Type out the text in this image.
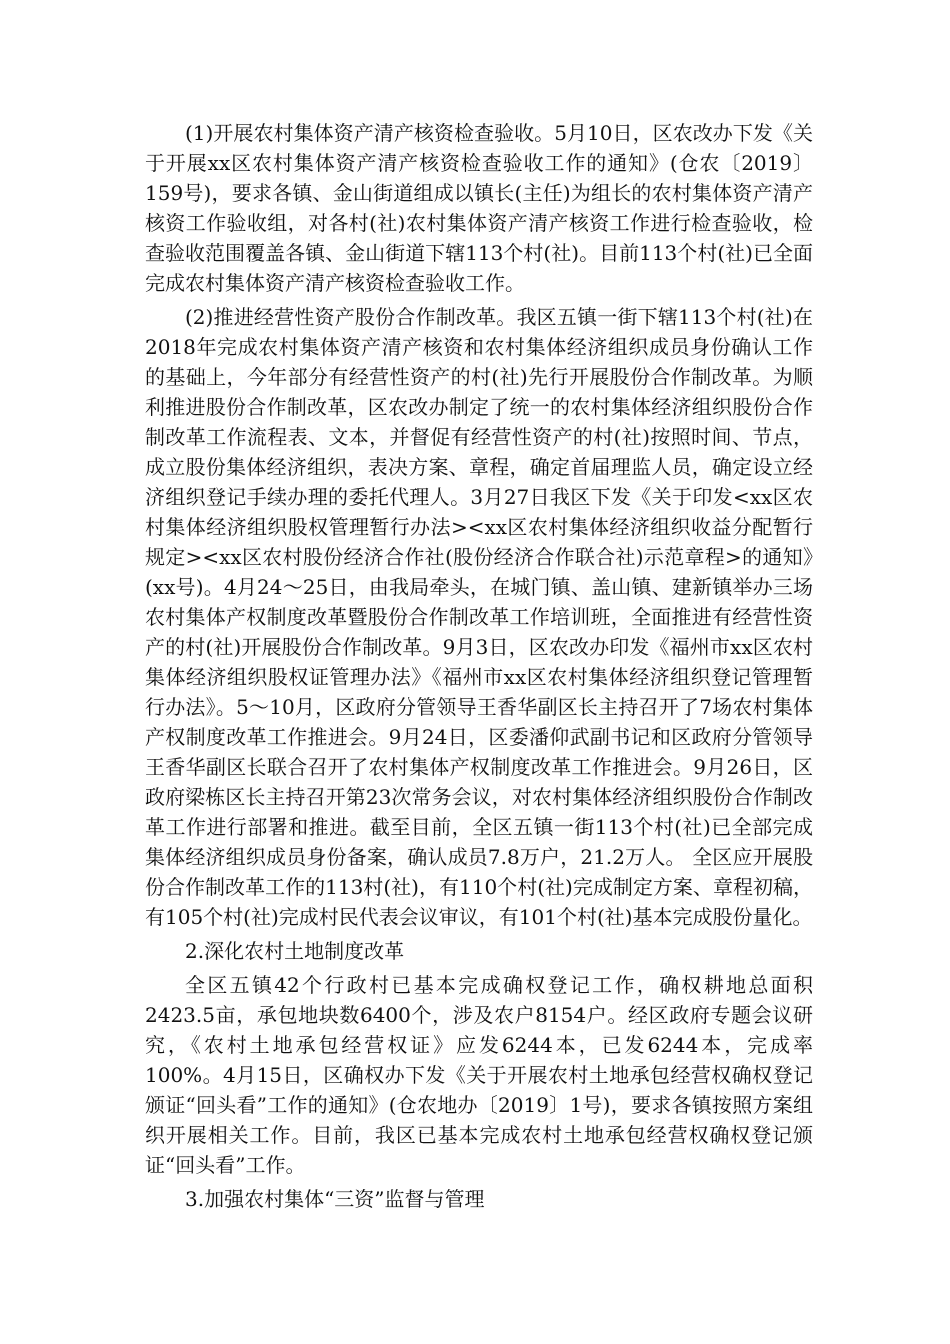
(1)开展农村集体资产清产核资检查验收。5月10日，区农改办下发《关于开展xx区农村集体资产清产核资检查验收工作的通知》(仓农〔2019〕159号)，要求各镇、金山街道组成以镇长(主任)为组长的农村集体资产清产核资工作验收组，对各村(社)农村集体资产清产核资工作进行检查验收，检查验收范围覆盖各镇、金山街道下辖113个村(社)。目前113个村(社)已全面完成农村集体资产清产核资检查验收工作。

(2)推进经营性资产股份合作制改革。我区五镇一街下辖113个村(社)在2018年完成农村集体资产清产核资和农村集体经济组织成员身份确认工作的基础上，今年部分有经营性资产的村(社)先行开展股份合作制改革。为顺利推进股份合作制改革，区农改办制定了统一的农村集体经济组织股份合作制改革工作流程表、文本，并督促有经营性资产的村(社)按照时间、节点，成立股份集体经济组织，表决方案、章程，确定首届理监人员，确定设立经济组织登记手续办理的委托代理人。3月27日我区下发《关于印发<xx区农村集体经济组织股权管理暂行办法><xx区农村集体经济组织收益分配暂行规定><xx区农村股份经济合作社(股份经济合作联合社)示范章程>的通知》(xx号)。4月24～25日，由我局牵头，在城门镇、盖山镇、建新镇举办三场农村集体产权制度改革暨股份合作制改革工作培训班，全面推进有经营性资产的村(社)开展股份合作制改革。9月3日，区农改办印发《福州市xx区农村集体经济组织股权证管理办法》《福州市xx区农村集体经济组织登记管理暂行办法》。5～10月，区政府分管领导王香华副区长主持召开了7场农村集体产权制度改革工作推进会。9月24日，区委潘仰武副书记和区政府分管领导王香华副区长联合召开了农村集体产权制度改革工作推进会。9月26日，区政府梁栋区长主持召开第23次常务会议，对农村集体经济组织股份合作制改革工作进行部署和推进。截至目前，全区五镇一街113个村(社)已全部完成集体经济组织成员身份备案，确认成员7.8万户，21.2万人。 全区应开展股份合作制改革工作的113村(社)，有110个村(社)完成制定方案、章程初稿，有105个村(社)完成村民代表会议审议，有101个村(社)基本完成股份量化。

2.深化农村土地制度改革

全区五镇42个行政村已基本完成确权登记工作，确权耕地总面积2423.5亩，承包地块数6400个，涉及农户8154户。经区政府专题会议研究，《农村土地承包经营权证》应发6244本，已发6244本，完成率100%。4月15日，区确权办下发《关于开展农村土地承包经营权确权登记颁证“回头看”工作的通知》(仓农地办〔2019〕1号)，要求各镇按照方案组织开展相关工作。目前，我区已基本完成农村土地承包经营权确权登记颁证“回头看”工作。

3.加强农村集体“三资”监督与管理
